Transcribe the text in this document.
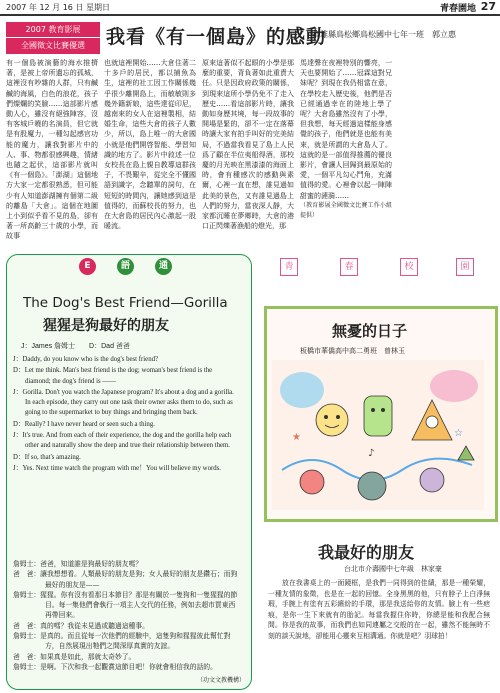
2007 年 12 月 16 日 星期日	青春園地 27
2007 教育影展
全國徵文比賽優選	我看《有一個島》的感動
高雄縣鳥松鄉鳥松國中七年一班　郭立惠
有一個島被演藝的海水推擠著，是被上帝所遺忘的孤城，這裡沒有吵雜的人群，只有鹹鹹的海風，白色的浪花，孩子們燦爛的笑臉……這部影片感動人心，雖沒有絕強陣容，沒有客城戶曉的名演員，但它就是有股魔力，一種勾起感官功能的魔力，讓我對影片中的人、事、物都很感興趣，情緒也隨之起伏，這部影片就叫《有一個島》。「澎湖」這個地方大家一定都很熟悉，但可能少有人知道澎湖擁有個第二級的離島「大倉」。這個在地圖上小到似乎看不見的島，卻有著一所高齡三十歲的小學，而故事
也就這裡開始……大倉住著二十多戶的居民，都以捕魚為生，這裡的社工因工作關係幾乎很少離開島上，而敏敏則多幾外籍新娘，這些達從印尼，越南來的女人在這裡製相，結婚生命，這些大倉的孩子人數少，所以，島上唯一的大倉國小就是他們開啓智能、學習知識的地方了。影片中敘述一位女校長在島上親自教導這群孩子，不畏艱辛，從完全不懂國語到識字，念聽單的詞句，在短短的時間內，讓她感到這是值得的，而蘇校長的努力，也在大倉島的居民內心激起一股暖流。
原來這著似不起眼的小學是那麼的重要，背負著如此重責大任。只是因政府政策的關係，到現來這所小學仍免不了走入歷史……看這部影片時，讓我動如身歷其境，每一段故事的開場是緊的，卻不一定在落幕時讓大家有拍手叫好的完美結局，不過當我看見了島上人民爲了顧在半位夷船得酒，那校慶的月光映在黑漆漆的海面上時，會有種感次的感動與素爾，心裡一直在想，誰見過如此美的景色，又有誰見過島上人們的努力，當夜深人靜，大家都沉睡在夢鄉時，大倉的港口正閃爍著漁船的燈光，那
馬達聲在夜裡特別的響亮，一天也要開始了……冠霖這對兄妹呢？到現在我仍相當在意，在學校走入歷史後，他們是否已經通過幸在的陸地上學了呢？大倉島雖然沒有了小學，但我想，每天經過這樣能身感覺的孩子，他們就是也能有美來，就是所謂的大倉島人了。這就的是一部值得推薦的優良影片，會讓人回歸到最原始的愛，一個平凡勾心鬥角，充滿值得的愛。心裡會以起一陣陣甜蜜的漣漪……
（教育影展全國徵文比賽工作小組提供）
E	語	通
The Dog's Best Friend—Gorilla
猩猩是狗最好的朋友
J：James 詹姆士　　D：Dad 爸爸

J：Daddy, do you know who is the dog's best friend?

D：Let me think. Man's best friend is the dog; woman's best friend is the diamond; the dog's friend is ——

J：Gorilla. Don't you watch the Japanese program? It's about a dog and a gorilla. In each episode, they carry out one task their owner asks them to do, such as going to the supermarket to buy things and bringing them back.

D：Really? I have never heard or seen such a thing.

J：It's true. And from each of their experience, the dog and the gorilla help each other and naturally show the deep and true their relationship between them.

D：If so, that's amazing.

J：Yes. Next time watch the program with me！You will believe my words.

詹姆士：爸爸，知道誰是狗最好的朋友嗎？

爸　爸：讓我想想看。人類最好的朋友是狗；女人最好的朋友是鑽石；而狗最好的朋友是——

詹姆士：猩猩。你有沒有看那日本節目？那是有關於一隻狗和一隻猩猩的節目。每一集他們會執行一項主人交代的任務，例如去超市買東西再帶回來。

爸　爸：真的嗎？我從未見過或聽過這種事。

詹姆士：是真的。而且從每一次他們的經驗中，這隻狗和猩猩彼此幫忙對方，自然展現出牠們之間深厚真實的友誼。

爸　爸：如果真是如此，那就太奇妙了。

詹姆士：是啊。下次和我一起觀賞這節目吧！你就會相信我的話的。

（功文文教機構）
青	春	校	園
無憂的日子
板橋市華僑高中高二勇班　曾林玉
♪
★	☆
我最好的朋友
台北市介壽國中七年級　林家豪
放在我書桌上的一面鏡框，是我們一同得到的佳績，那是一種榮耀，一種友情的象徵，也是在一起的回憶。全身黑黑的他，只有脖子上白淨無瑕，手腕上有塗有五彩繽紛的手環，那是我送給你的友情。臉上有一些疤痕，是你一生下來就有的胎記。每當我握住你時，你總是能和我配合無間。你是我的故事，而我們也如同連屬之交般的在一起，雖然不能無時不刻的談天說地，卻能用心靈來互相溝通。你就是吧？羽球拍！
